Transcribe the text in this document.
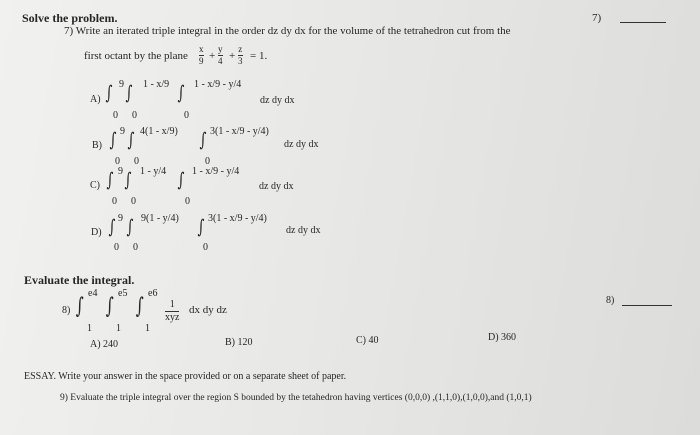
Solve the problem.	7)
7) Write an iterated triple integral in the order dz dy dx for the volume of the tetrahedron cut from the
first octant by the plane
x
9 +
y
4 +
z
3 = 1.
A) ∫ ∫ ∫
9
0
1 - x/9
0
1 - x/9 - y/4
0
dz dy dx
B) ∫ ∫	∫
9
0
4(1 - x/9)
0
3(1 - x/9 - y/4)
0
dz dy dx
C) ∫ ∫ ∫
9
0
1 - y/4
0
1 - x/9 - y/4
0
dz dy dx
D) ∫ ∫	∫
9
0
9(1 - y/4)
0
3(1 - x/9 - y/4)
0
dz dy dx
Evaluate the integral.
8) ∫ ∫ ∫
e4 e5 e6
1 1 1
1
xyz
dx dy dz
8)
A) 240	B) 120	C) 40	D) 360
ESSAY. Write your answer in the space provided or on a separate sheet of paper.
9) Evaluate the triple integral over the region S bounded by the tetahedron having vertices (0,0,0) ,(1,1,0),(1,0,0),and (1,0,1)
